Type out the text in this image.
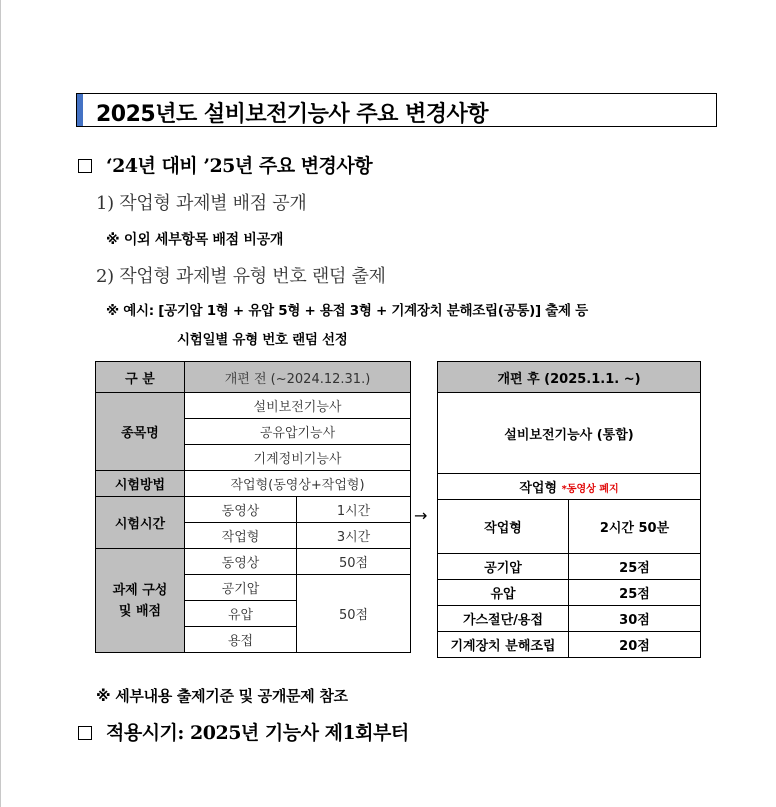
2025년도 설비보전기능사 주요 변경사항
‘24년 대비 ’25년 주요 변경사항
1) 작업형 과제별 배점 공개
※ 이외 세부항목 배점 비공개
2) 작업형 과제별 유형 번호 랜덤 출제
※ 예시: [공기압 1형 + 유압 5형 + 용접 3형 + 기계장치 분해조립(공통)] 출제 등
시험일별 유형 번호 랜덤 선정
구 분	개편 전 (~2024.12.31.)	
종목명	설비보전기능사	
	공유압기능사	
	기계정비기능사	
시험방법	작업형(동영상+작업형)	
시험시간	동영상	1시간
	작업형	3시간
과제 구성
및 배점	동영상	50점
	공기압	50점
	유압	
	용접	
→
개편 후 (2025.1.1. ~)	
설비보전기능사 (통합)	
작업형 *동영상 폐지	
작업형	2시간 50분
공기압	25점
유압	25점
가스절단/용접	30점
기계장치 분해조립	20점
※ 세부내용 출제기준 및 공개문제 참조
적용시기: 2025년 기능사 제1회부터
